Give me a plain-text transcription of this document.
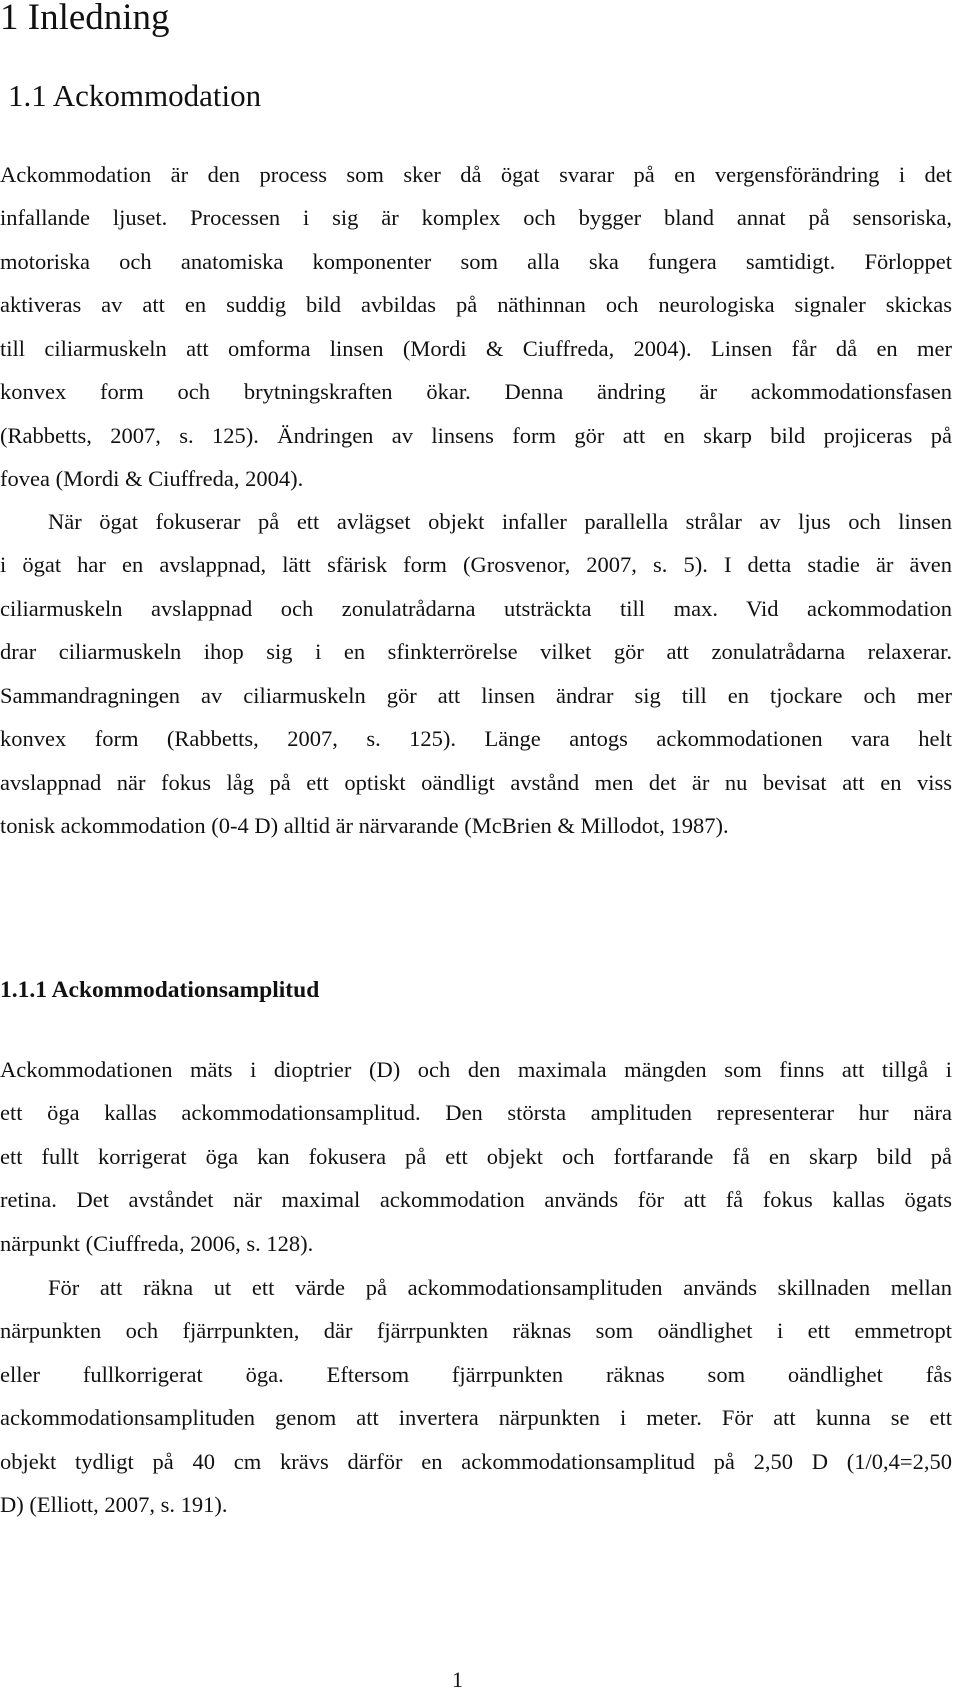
1 Inledning
1.1 Ackommodation
Ackommodation är den process som sker då ögat svarar på en vergensförändring i det
infallande ljuset. Processen i sig är komplex och bygger bland annat på sensoriska,
motoriska och anatomiska komponenter som alla ska fungera samtidigt. Förloppet
aktiveras av att en suddig bild avbildas på näthinnan och neurologiska signaler skickas
till ciliarmuskeln att omforma linsen (Mordi & Ciuffreda, 2004). Linsen får då en mer
konvex form och brytningskraften ökar. Denna ändring är ackommodationsfasen
(Rabbetts, 2007, s. 125). Ändringen av linsens form gör att en skarp bild projiceras på
fovea (Mordi & Ciuffreda, 2004).
När ögat fokuserar på ett avlägset objekt infaller parallella strålar av ljus och linsen
i ögat har en avslappnad, lätt sfärisk form (Grosvenor, 2007, s. 5). I detta stadie är även
ciliarmuskeln avslappnad och zonulatrådarna utsträckta till max. Vid ackommodation
drar ciliarmuskeln ihop sig i en sfinkterrörelse vilket gör att zonulatrådarna relaxerar.
Sammandragningen av ciliarmuskeln gör att linsen ändrar sig till en tjockare och mer
konvex form (Rabbetts, 2007, s. 125). Länge antogs ackommodationen vara helt
avslappnad när fokus låg på ett optiskt oändligt avstånd men det är nu bevisat att en viss
tonisk ackommodation (0-4 D) alltid är närvarande (McBrien & Millodot, 1987).
1.1.1 Ackommodationsamplitud
Ackommodationen mäts i dioptrier (D) och den maximala mängden som finns att tillgå i
ett öga kallas ackommodationsamplitud. Den största amplituden representerar hur nära
ett fullt korrigerat öga kan fokusera på ett objekt och fortfarande få en skarp bild på
retina. Det avståndet när maximal ackommodation används för att få fokus kallas ögats
närpunkt (Ciuffreda, 2006, s. 128).
För att räkna ut ett värde på ackommodationsamplituden används skillnaden mellan
närpunkten och fjärrpunkten, där fjärrpunkten räknas som oändlighet i ett emmetropt
eller fullkorrigerat öga. Eftersom fjärrpunkten räknas som oändlighet fås
ackommodationsamplituden genom att invertera närpunkten i meter. För att kunna se ett
objekt tydligt på 40 cm krävs därför en ackommodationsamplitud på 2,50 D (1/0,4=2,50
D) (Elliott, 2007, s. 191).
1
